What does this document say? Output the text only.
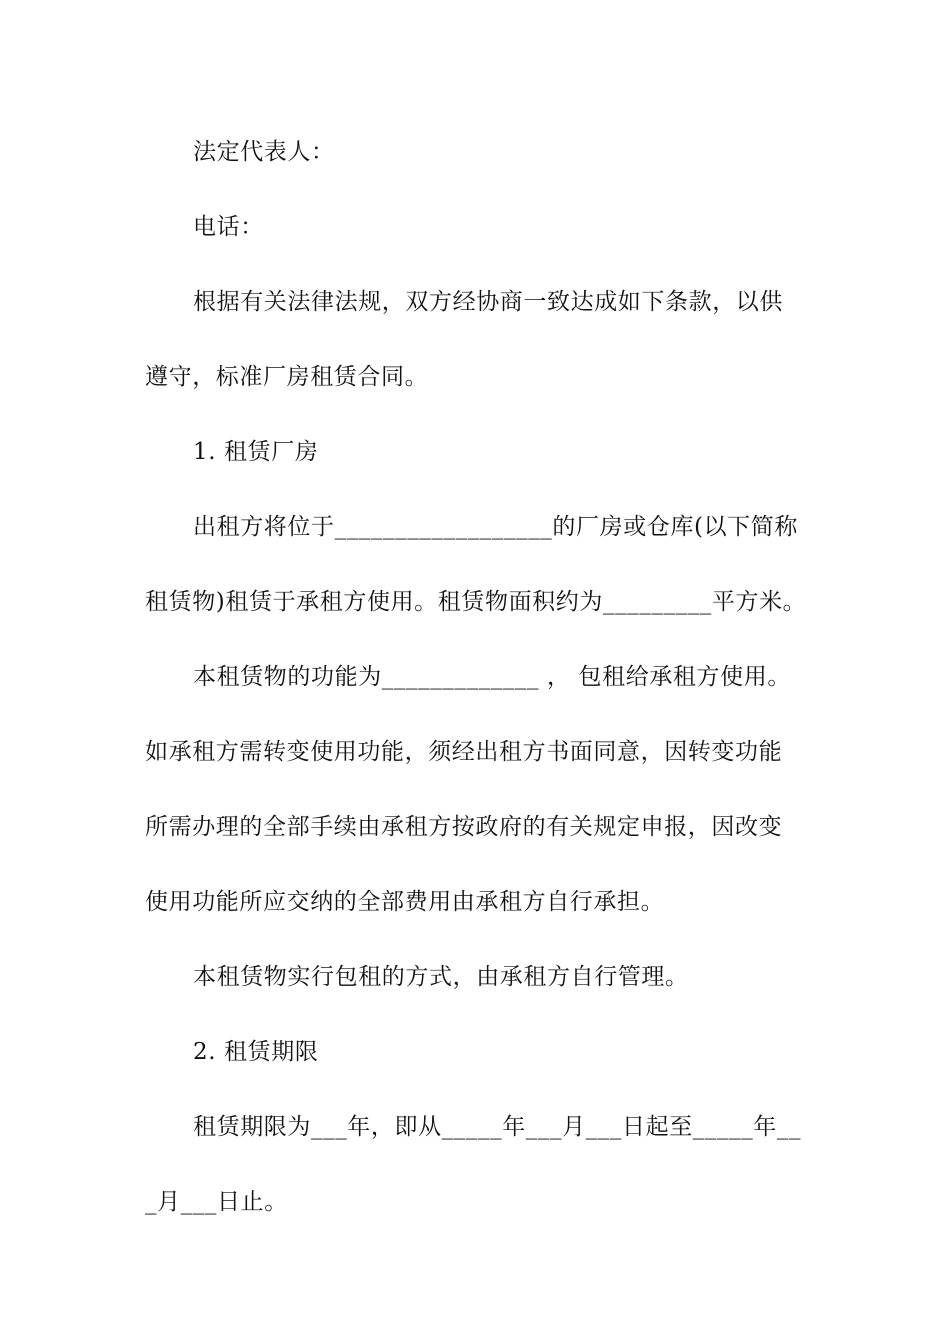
法定代表人：
电话：
根据有关法律法规，双方经协商一致达成如下条款，以供
遵守，标准厂房租赁合同。
1. 租赁厂房
出租方将位于__________________的厂房或仓库(以下简称
租赁物)租赁于承租方使用。租赁物面积约为_________平方米。
本租赁物的功能为_____________ ， 包租给承租方使用。
如承租方需转变使用功能，须经出租方书面同意，因转变功能
所需办理的全部手续由承租方按政府的有关规定申报，因改变
使用功能所应交纳的全部费用由承租方自行承担。
本租赁物实行包租的方式，由承租方自行管理。
2. 租赁期限
租赁期限为___年，即从_____年___月___日起至_____年__
_月___日止。
